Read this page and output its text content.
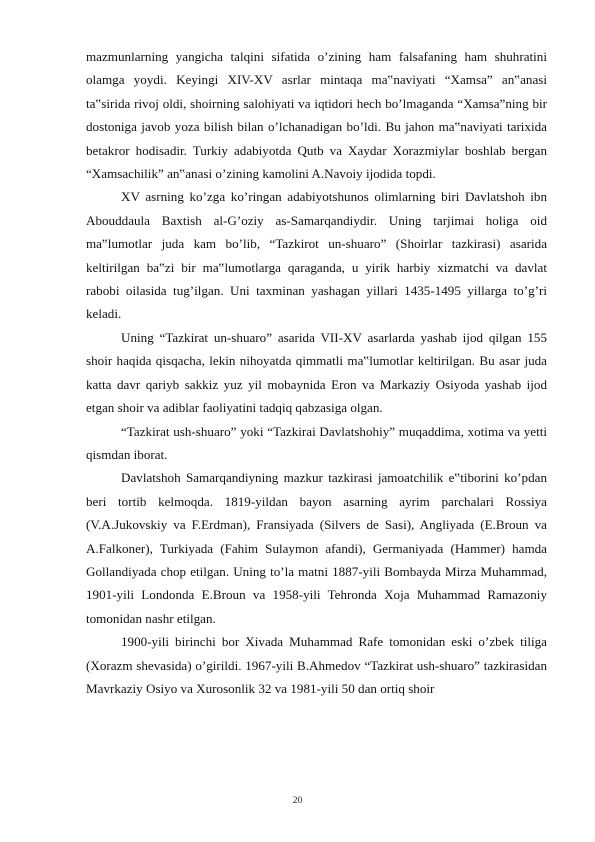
mazmunlarning yangicha talqini sifatida o’zining ham falsafaning ham shuhratini olamga yoydi. Keyingi XIV-XV asrlar mintaqa ma‟naviyati “Xamsa” an‟anasi ta‟sirida rivoj oldi, shoirning salohiyati va iqtidori hech bo’lmaganda “Xamsa”ning bir dostoniga javob yoza bilish bilan o’lchanadigan bo’ldi. Bu jahon ma‟naviyati tarixida betakror hodisadir. Turkiy adabiyotda Qutb va Xaydar Xorazmiylar boshlab bergan “Xamsachilik” an‟anasi o’zining kamolini A.Navoiy ijodida topdi.

XV asrning ko’zga ko’ringan adabiyotshunos olimlarning biri Davlatshoh ibn Abouddaula Baxtish al-G’oziy as-Samarqandiydir. Uning tarjimai holiga oid ma‟lumotlar juda kam bo’lib, “Tazkirot un-shuaro” (Shoirlar tazkirasi) asarida keltirilgan ba‟zi bir ma‟lumotlarga qaraganda, u yirik harbiy xizmatchi va davlat rabobi oilasida tug’ilgan. Uni taxminan yashagan yillari 1435-1495 yillarga to’g’ri keladi.

Uning “Tazkirat un-shuaro” asarida VII-XV asarlarda yashab ijod qilgan 155 shoir haqida qisqacha, lekin nihoyatda qimmatli ma‟lumotlar keltirilgan. Bu asar juda katta davr qariyb sakkiz yuz yil mobaynida Eron va Markaziy Osiyoda yashab ijod etgan shoir va adiblar faoliyatini tadqiq qabzasiga olgan.

“Tazkirat ush-shuaro” yoki “Tazkirai Davlatshohiy” muqaddima, xotima va yetti qismdan iborat.

Davlatshoh Samarqandiyning mazkur tazkirasi jamoatchilik e‟tiborini ko’pdan beri tortib kelmoqda. 1819-yildan bayon asarning ayrim parchalari Rossiya (V.A.Jukovskiy va F.Erdman), Fransiyada (Silvers de Sasi), Angliyada (E.Broun va A.Falkoner), Turkiyada (Fahim Sulaymon afandi), Germaniyada (Hammer) hamda Gollandiyada chop etilgan. Uning to’la matni 1887-yili Bombayda Mirza Muhammad, 1901-yili Londonda E.Broun va 1958-yili Tehronda Xoja Muhammad Ramazoniy tomonidan nashr etilgan.

1900-yili birinchi bor Xivada Muhammad Rafe tomonidan eski o’zbek tiliga (Xorazm shevasida) o’girildi. 1967-yili B.Ahmedov “Tazkirat ush-shuaro” tazkirasidan Mavrkaziy Osiyo va Xurosonlik 32 va 1981-yili 50 dan ortiq shoir

20
